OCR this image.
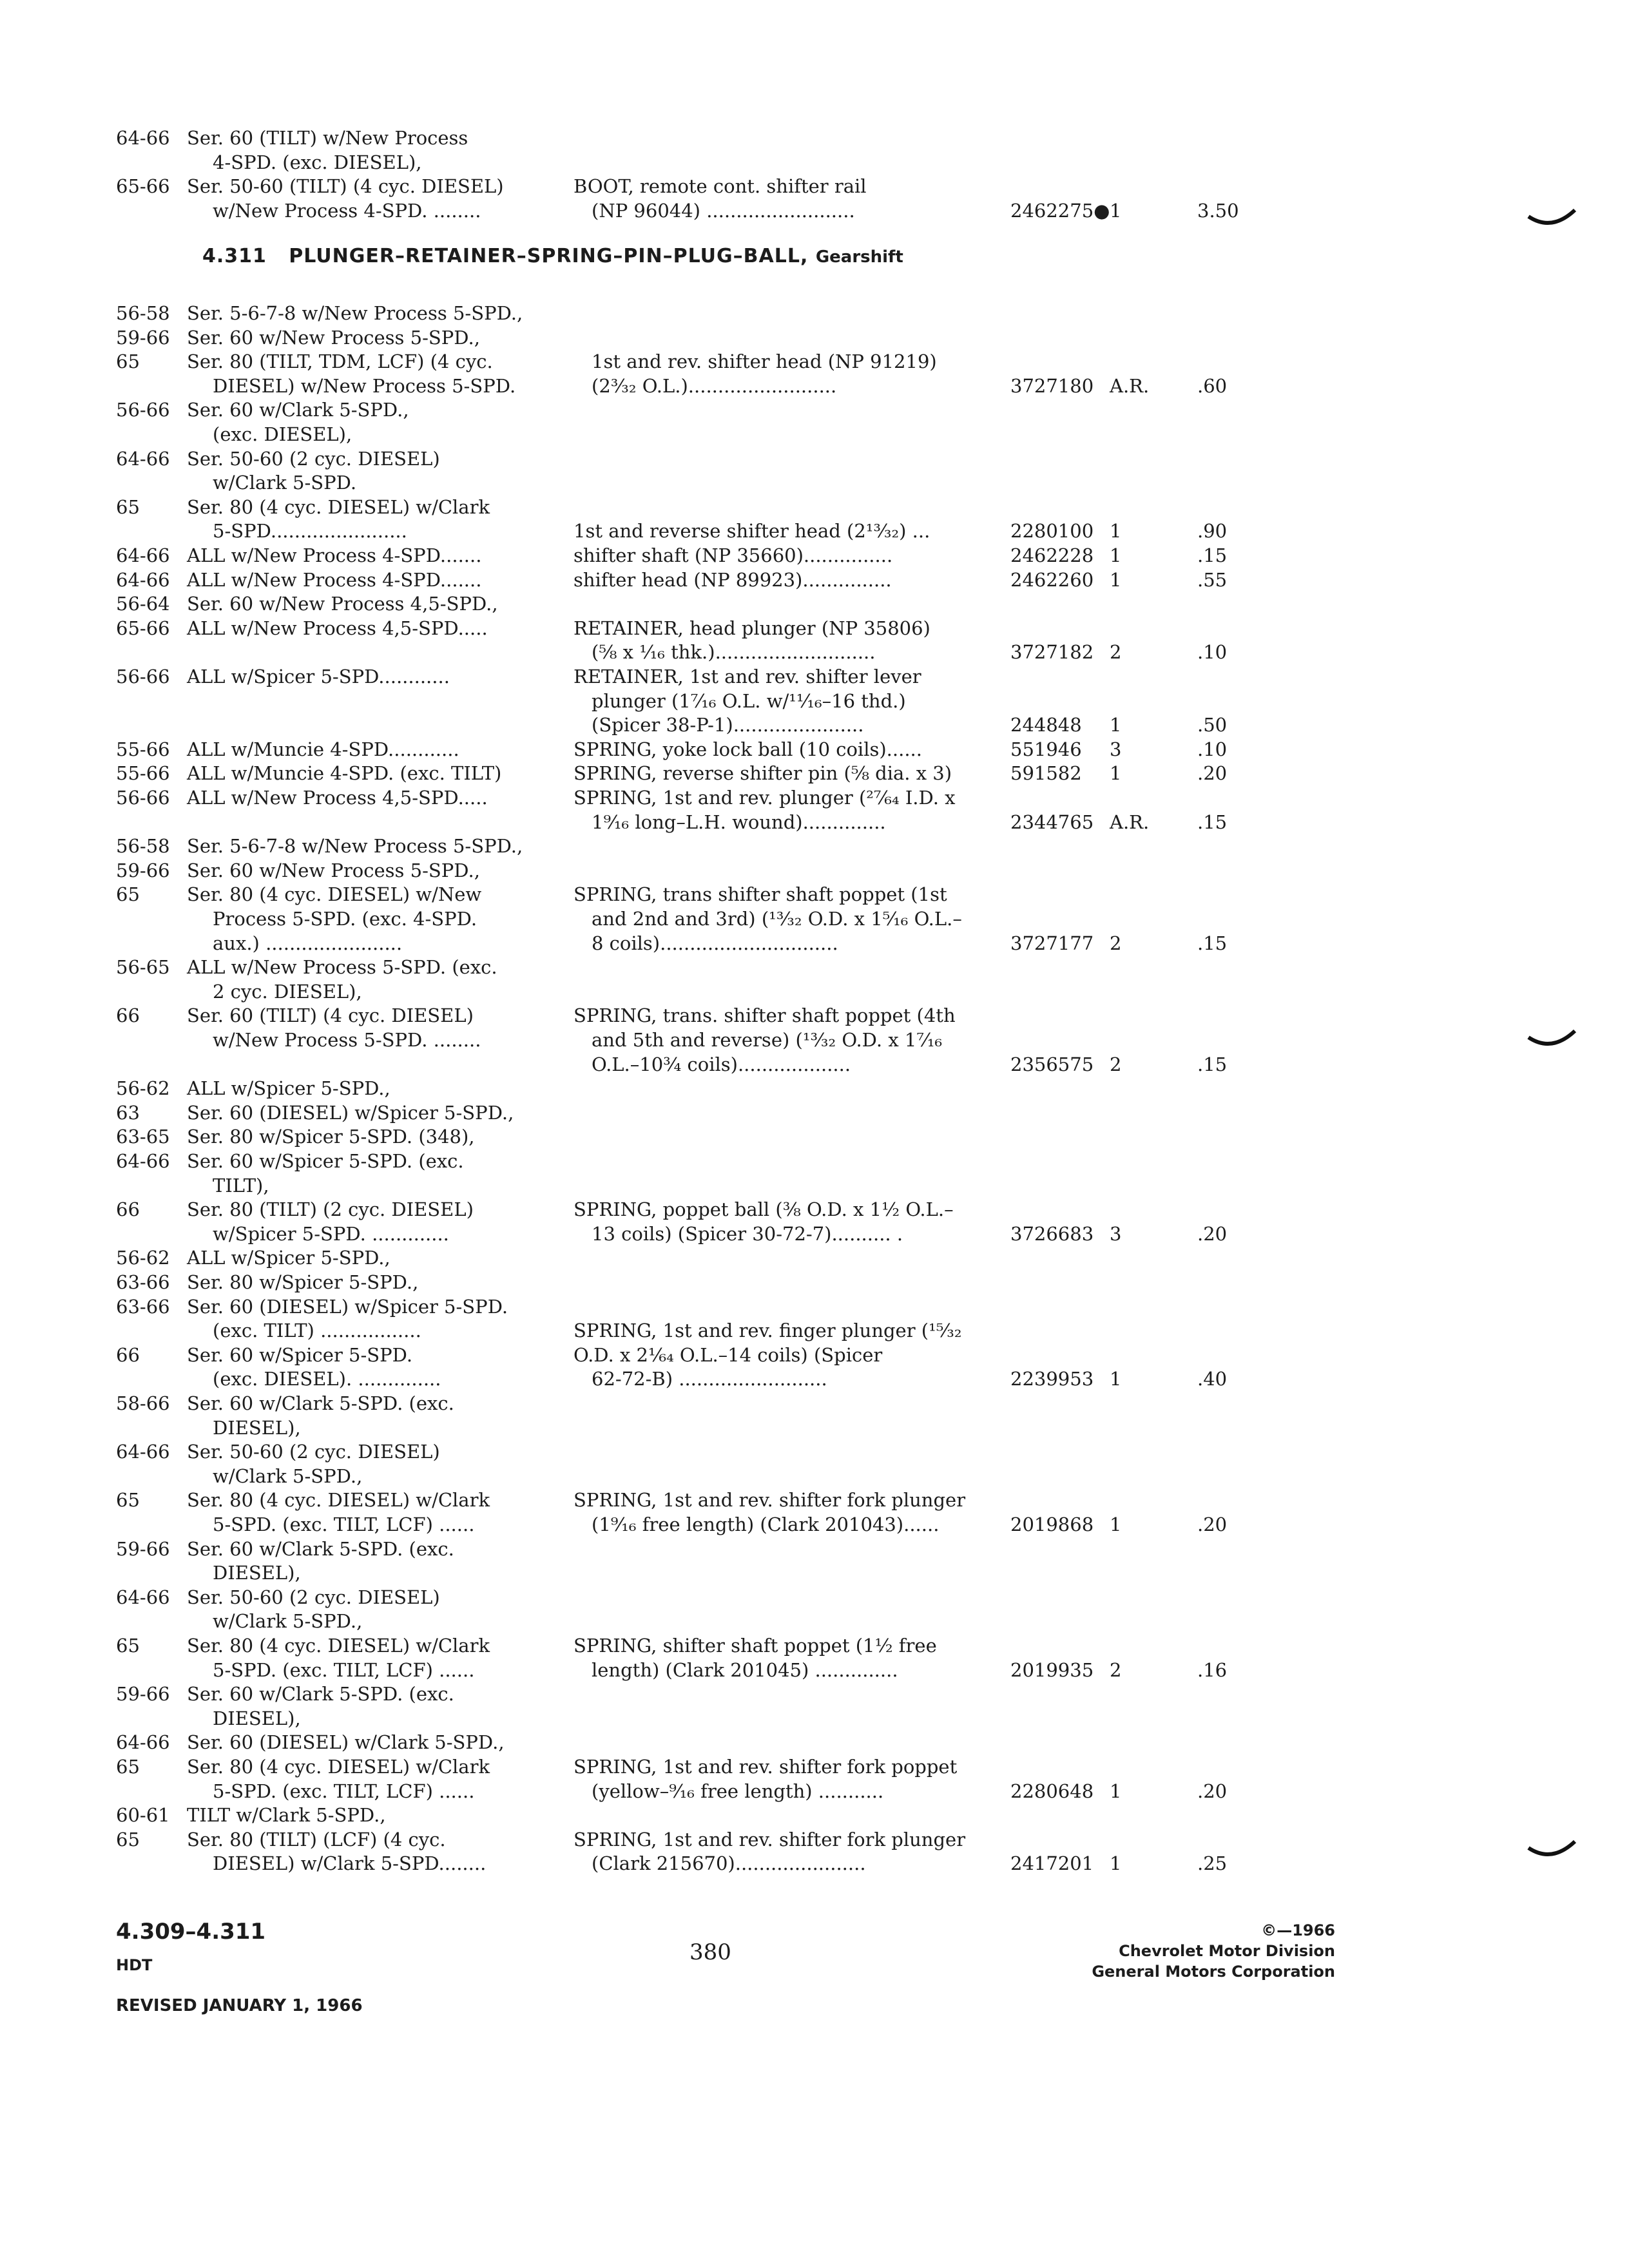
4.311 PLUNGER–RETAINER–SPRING–PIN–PLUG–BALL, Gearshift
64-66 Ser. 60 (TILT) w/New Process
4-SPD. (exc. DIESEL),
65-66 Ser. 50-60 (TILT) (4 cyc. DIESEL)	BOOT, remote cont. shifter rail
w/New Process 4-SPD. ........	(NP 96044) .........................	2462275● 1	3.50
56-58 Ser. 5-6-7-8 w/New Process 5-SPD.,
59-66 Ser. 60 w/New Process 5-SPD.,
65	Ser. 80 (TILT, TDM, LCF) (4 cyc.	1st and rev. shifter head (NP 91219)
DIESEL) w/New Process 5-SPD.	(2³⁄₃₂ O.L.).........................	3727180 A.R.	.60
56-66 Ser. 60 w/Clark 5-SPD.,
(exc. DIESEL),
64-66 Ser. 50-60 (2 cyc. DIESEL)
w/Clark 5-SPD.
65	Ser. 80 (4 cyc. DIESEL) w/Clark
5-SPD.......................	1st and reverse shifter head (2¹³⁄₃₂) ...	2280100 1	.90
64-66 ALL w/New Process 4-SPD.......	shifter shaft (NP 35660)...............	2462228 1	.15
64-66 ALL w/New Process 4-SPD.......	shifter head (NP 89923)...............	2462260 1	.55
56-64 Ser. 60 w/New Process 4,5-SPD.,
65-66 ALL w/New Process 4,5-SPD.....	RETAINER, head plunger (NP 35806)
(⅝ x ¹⁄₁₆ thk.)...........................	3727182 2	.10
56-66 ALL w/Spicer 5-SPD............	RETAINER, 1st and rev. shifter lever
plunger (1⁷⁄₁₆ O.L. w/¹¹⁄₁₆–16 thd.)
(Spicer 38-P-1)......................	244848 1	.50
55-66 ALL w/Muncie 4-SPD............	SPRING, yoke lock ball (10 coils)......	551946 3	.10
55-66 ALL w/Muncie 4-SPD. (exc. TILT)	SPRING, reverse shifter pin (⅝ dia. x 3)	591582 1	.20
56-66 ALL w/New Process 4,5-SPD.....	SPRING, 1st and rev. plunger (²⁷⁄₆₄ I.D. x
1⁹⁄₁₆ long–L.H. wound)..............	2344765 A.R.	.15
56-58 Ser. 5-6-7-8 w/New Process 5-SPD.,
59-66 Ser. 60 w/New Process 5-SPD.,
65	Ser. 80 (4 cyc. DIESEL) w/New	SPRING, trans shifter shaft poppet (1st
Process 5-SPD. (exc. 4-SPD.	and 2nd and 3rd) (¹³⁄₃₂ O.D. x 1⁵⁄₁₆ O.L.–
aux.) .......................	8 coils)..............................	3727177 2	.15
56-65 ALL w/New Process 5-SPD. (exc.
2 cyc. DIESEL),
66	Ser. 60 (TILT) (4 cyc. DIESEL)	SPRING, trans. shifter shaft poppet (4th
w/New Process 5-SPD. ........	and 5th and reverse) (¹³⁄₃₂ O.D. x 1⁷⁄₁₆
O.L.–10¾ coils)...................	2356575 2	.15
56-62 ALL w/Spicer 5-SPD.,
63	Ser. 60 (DIESEL) w/Spicer 5-SPD.,
63-65 Ser. 80 w/Spicer 5-SPD. (348),
64-66 Ser. 60 w/Spicer 5-SPD. (exc.
TILT),
66	Ser. 80 (TILT) (2 cyc. DIESEL)	SPRING, poppet ball (⅜ O.D. x 1½ O.L.–
w/Spicer 5-SPD. .............	13 coils) (Spicer 30-72-7).......... .	3726683 3	.20
56-62 ALL w/Spicer 5-SPD.,
63-66 Ser. 80 w/Spicer 5-SPD.,
63-66 Ser. 60 (DIESEL) w/Spicer 5-SPD.
(exc. TILT) .................	SPRING, 1st and rev. finger plunger (¹⁵⁄₃₂
66	Ser. 60 w/Spicer 5-SPD.	O.D. x 2¹⁄₆₄ O.L.–14 coils) (Spicer
(exc. DIESEL). ..............	62-72-B) .........................	2239953 1	.40
58-66 Ser. 60 w/Clark 5-SPD. (exc.
DIESEL),
64-66 Ser. 50-60 (2 cyc. DIESEL)
w/Clark 5-SPD.,
65	Ser. 80 (4 cyc. DIESEL) w/Clark	SPRING, 1st and rev. shifter fork plunger
5-SPD. (exc. TILT, LCF) ......	(1⁹⁄₁₆ free length) (Clark 201043)......	2019868 1	.20
59-66 Ser. 60 w/Clark 5-SPD. (exc.
DIESEL),
64-66 Ser. 50-60 (2 cyc. DIESEL)
w/Clark 5-SPD.,
65	Ser. 80 (4 cyc. DIESEL) w/Clark	SPRING, shifter shaft poppet (1½ free
5-SPD. (exc. TILT, LCF) ......	length) (Clark 201045) ..............	2019935 2	.16
59-66 Ser. 60 w/Clark 5-SPD. (exc.
DIESEL),
64-66 Ser. 60 (DIESEL) w/Clark 5-SPD.,
65	Ser. 80 (4 cyc. DIESEL) w/Clark	SPRING, 1st and rev. shifter fork poppet
5-SPD. (exc. TILT, LCF) ......	(yellow–⁹⁄₁₆ free length) ...........	2280648 1	.20
60-61 TILT w/Clark 5-SPD.,
65	Ser. 80 (TILT) (LCF) (4 cyc.	SPRING, 1st and rev. shifter fork plunger
DIESEL) w/Clark 5-SPD........	(Clark 215670)......................	2417201 1	.25
4.309–4.311
HDT
REVISED JANUARY 1, 1966
380
©—1966
Chevrolet Motor Division
General Motors Corporation
